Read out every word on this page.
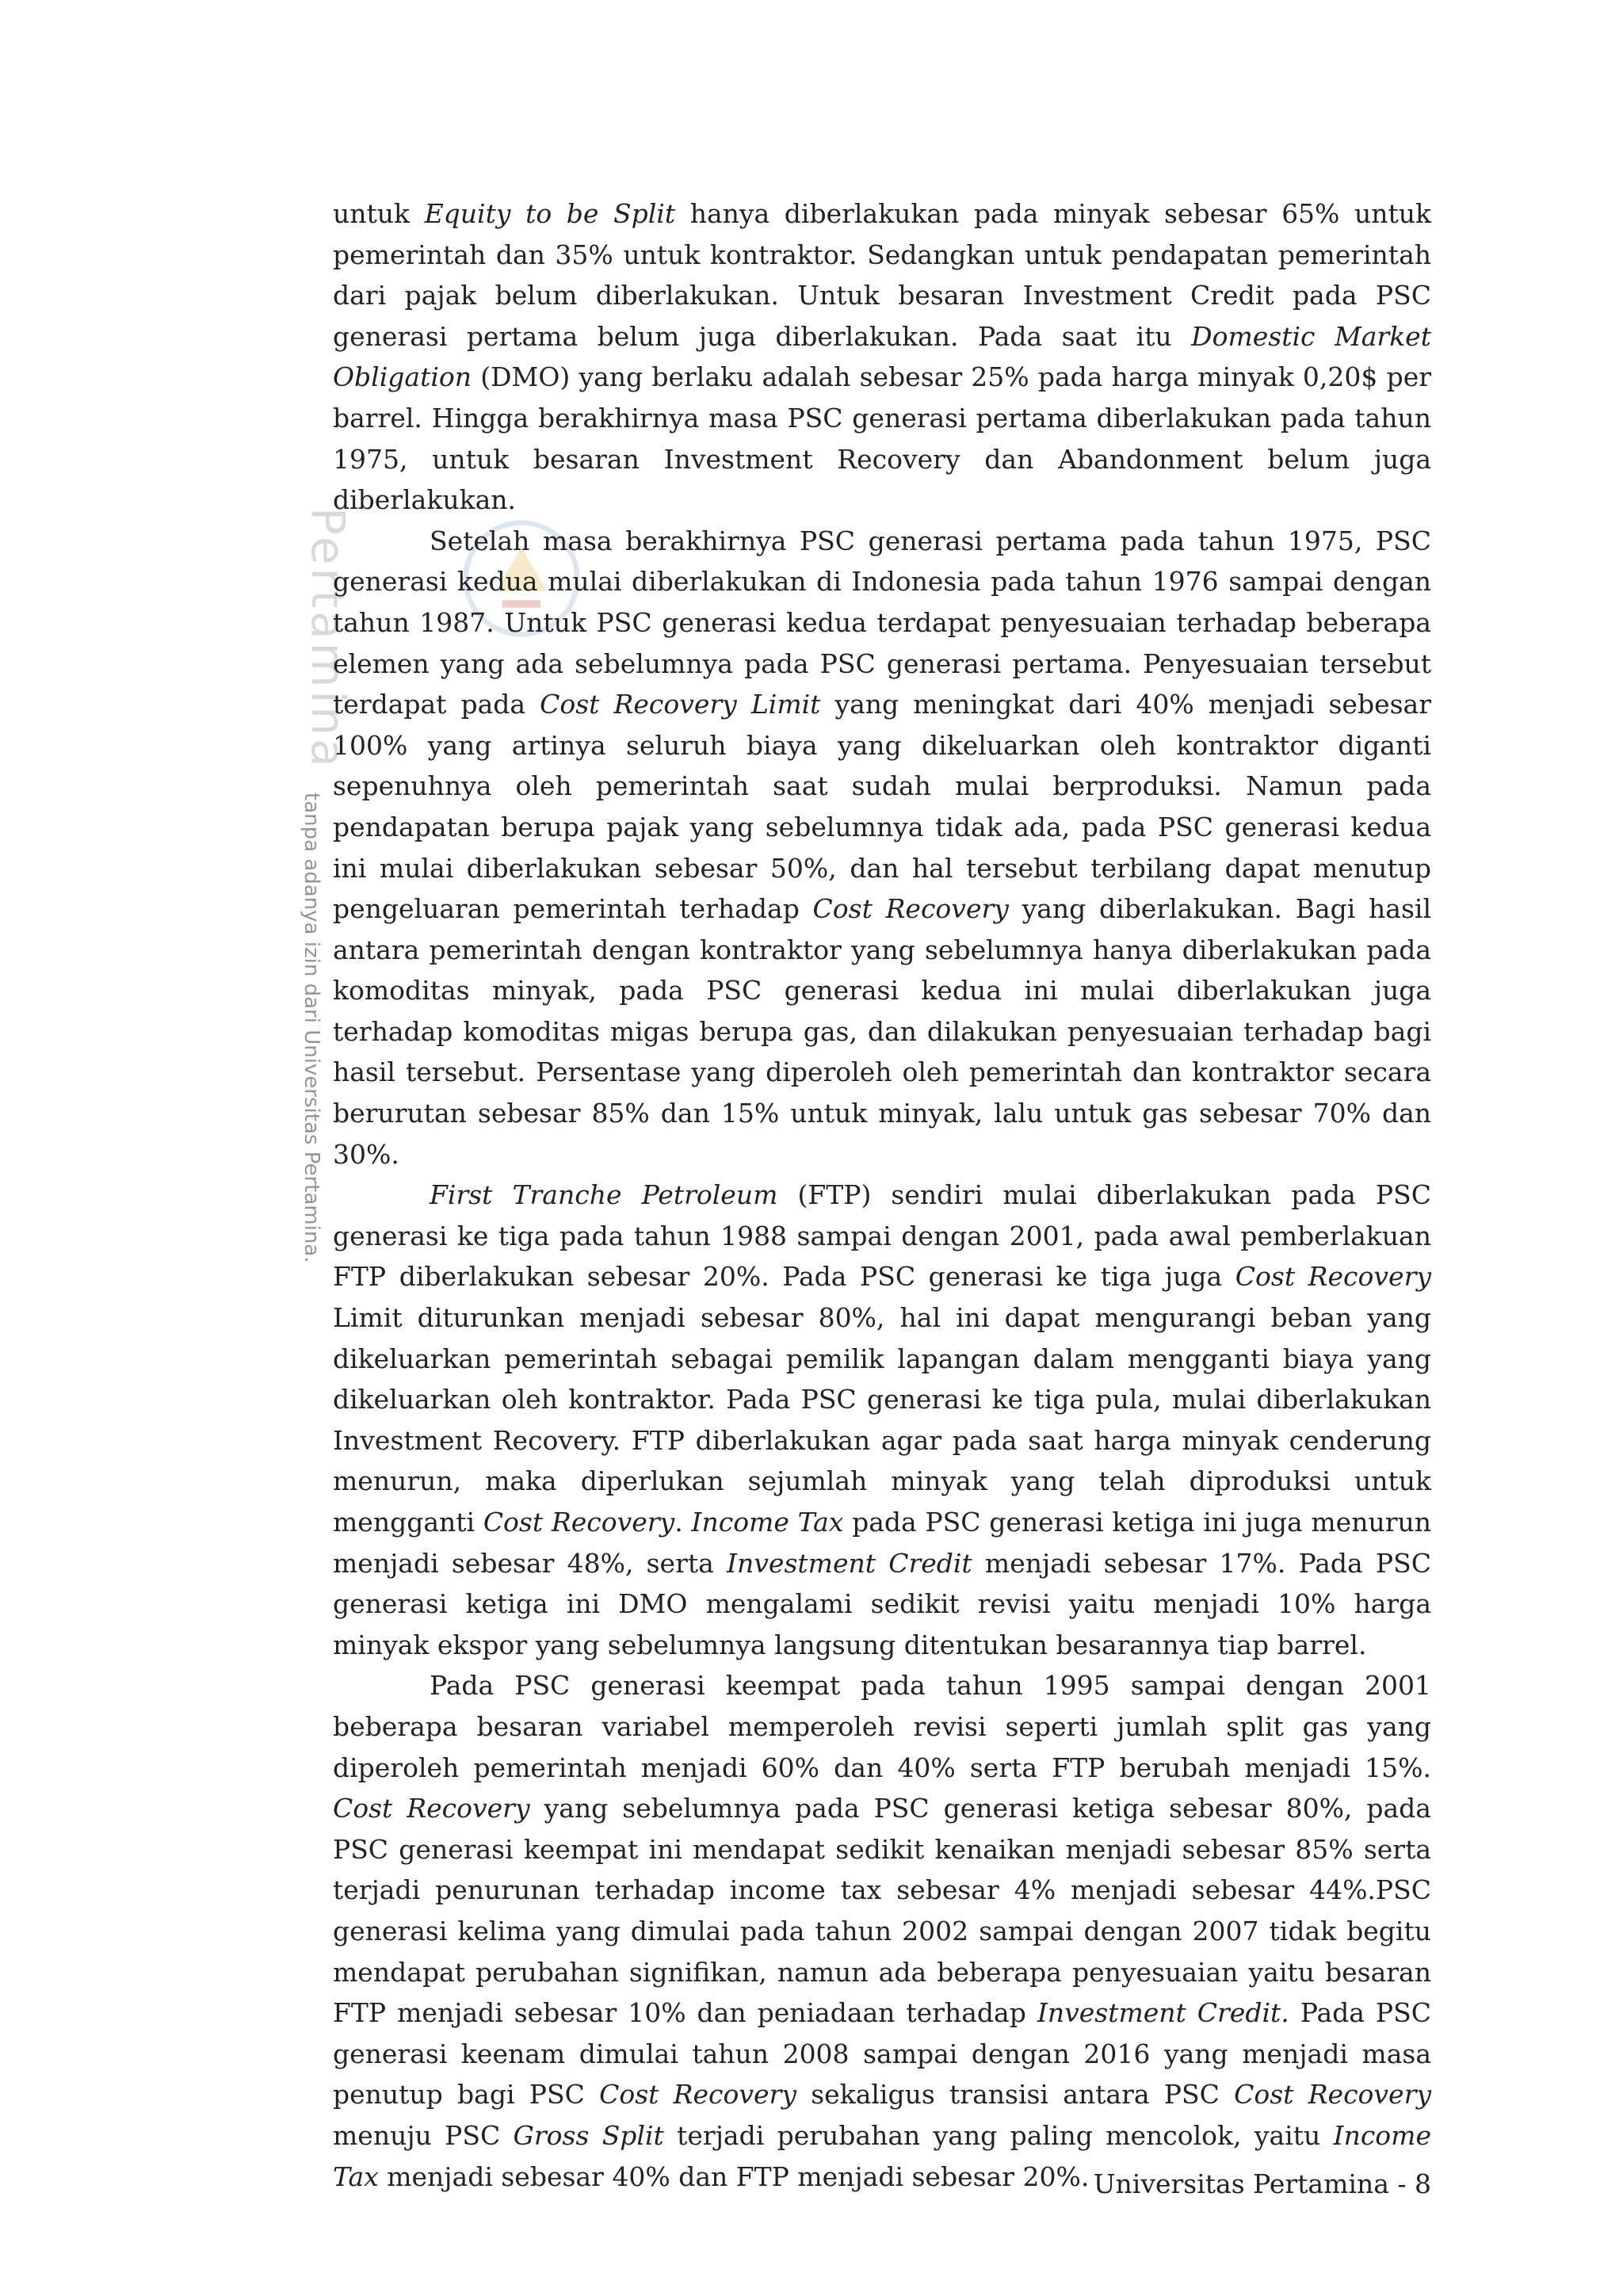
Pertamina
tanpa adanya izin dari Universitas Pertamina.

untuk Equity to be Split hanya diberlakukan pada minyak sebesar 65% untuk pemerintah dan 35% untuk kontraktor. Sedangkan untuk pendapatan pemerintah dari pajak belum diberlakukan. Untuk besaran Investment Credit pada PSC generasi pertama belum juga diberlakukan. Pada saat itu Domestic Market Obligation (DMO) yang berlaku adalah sebesar 25% pada harga minyak 0,20$ per barrel. Hingga berakhirnya masa PSC generasi pertama diberlakukan pada tahun 1975, untuk besaran Investment Recovery dan Abandonment belum juga diberlakukan.

Setelah masa berakhirnya PSC generasi pertama pada tahun 1975, PSC generasi kedua mulai diberlakukan di Indonesia pada tahun 1976 sampai dengan tahun 1987. Untuk PSC generasi kedua terdapat penyesuaian terhadap beberapa elemen yang ada sebelumnya pada PSC generasi pertama. Penyesuaian tersebut terdapat pada Cost Recovery Limit yang meningkat dari 40% menjadi sebesar 100% yang artinya seluruh biaya yang dikeluarkan oleh kontraktor diganti sepenuhnya oleh pemerintah saat sudah mulai berproduksi. Namun pada pendapatan berupa pajak yang sebelumnya tidak ada, pada PSC generasi kedua ini mulai diberlakukan sebesar 50%, dan hal tersebut terbilang dapat menutup pengeluaran pemerintah terhadap Cost Recovery yang diberlakukan. Bagi hasil antara pemerintah dengan kontraktor yang sebelumnya hanya diberlakukan pada komoditas minyak, pada PSC generasi kedua ini mulai diberlakukan juga terhadap komoditas migas berupa gas, dan dilakukan penyesuaian terhadap bagi hasil tersebut. Persentase yang diperoleh oleh pemerintah dan kontraktor secara berurutan sebesar 85% dan 15% untuk minyak, lalu untuk gas sebesar 70% dan 30%.

First Tranche Petroleum (FTP) sendiri mulai diberlakukan pada PSC generasi ke tiga pada tahun 1988 sampai dengan 2001, pada awal pemberlakuan FTP diberlakukan sebesar 20%. Pada PSC generasi ke tiga juga Cost Recovery Limit diturunkan menjadi sebesar 80%, hal ini dapat mengurangi beban yang dikeluarkan pemerintah sebagai pemilik lapangan dalam mengganti biaya yang dikeluarkan oleh kontraktor. Pada PSC generasi ke tiga pula, mulai diberlakukan Investment Recovery. FTP diberlakukan agar pada saat harga minyak cenderung menurun, maka diperlukan sejumlah minyak yang telah diproduksi untuk mengganti Cost Recovery. Income Tax pada PSC generasi ketiga ini juga menurun menjadi sebesar 48%, serta Investment Credit menjadi sebesar 17%. Pada PSC generasi ketiga ini DMO mengalami sedikit revisi yaitu menjadi 10% harga minyak ekspor yang sebelumnya langsung ditentukan besarannya tiap barrel.

Pada PSC generasi keempat pada tahun 1995 sampai dengan 2001 beberapa besaran variabel memperoleh revisi seperti jumlah split gas yang diperoleh pemerintah menjadi 60% dan 40% serta FTP berubah menjadi 15%. Cost Recovery yang sebelumnya pada PSC generasi ketiga sebesar 80%, pada PSC generasi keempat ini mendapat sedikit kenaikan menjadi sebesar 85% serta terjadi penurunan terhadap income tax sebesar 4% menjadi sebesar 44%.PSC generasi kelima yang dimulai pada tahun 2002 sampai dengan 2007 tidak begitu mendapat perubahan signifikan, namun ada beberapa penyesuaian yaitu besaran FTP menjadi sebesar 10% dan peniadaan terhadap Investment Credit. Pada PSC generasi keenam dimulai tahun 2008 sampai dengan 2016 yang menjadi masa penutup bagi PSC Cost Recovery sekaligus transisi antara PSC Cost Recovery menuju PSC Gross Split terjadi perubahan yang paling mencolok, yaitu Income Tax menjadi sebesar 40% dan FTP menjadi sebesar 20%. Universitas Pertamina - 8
